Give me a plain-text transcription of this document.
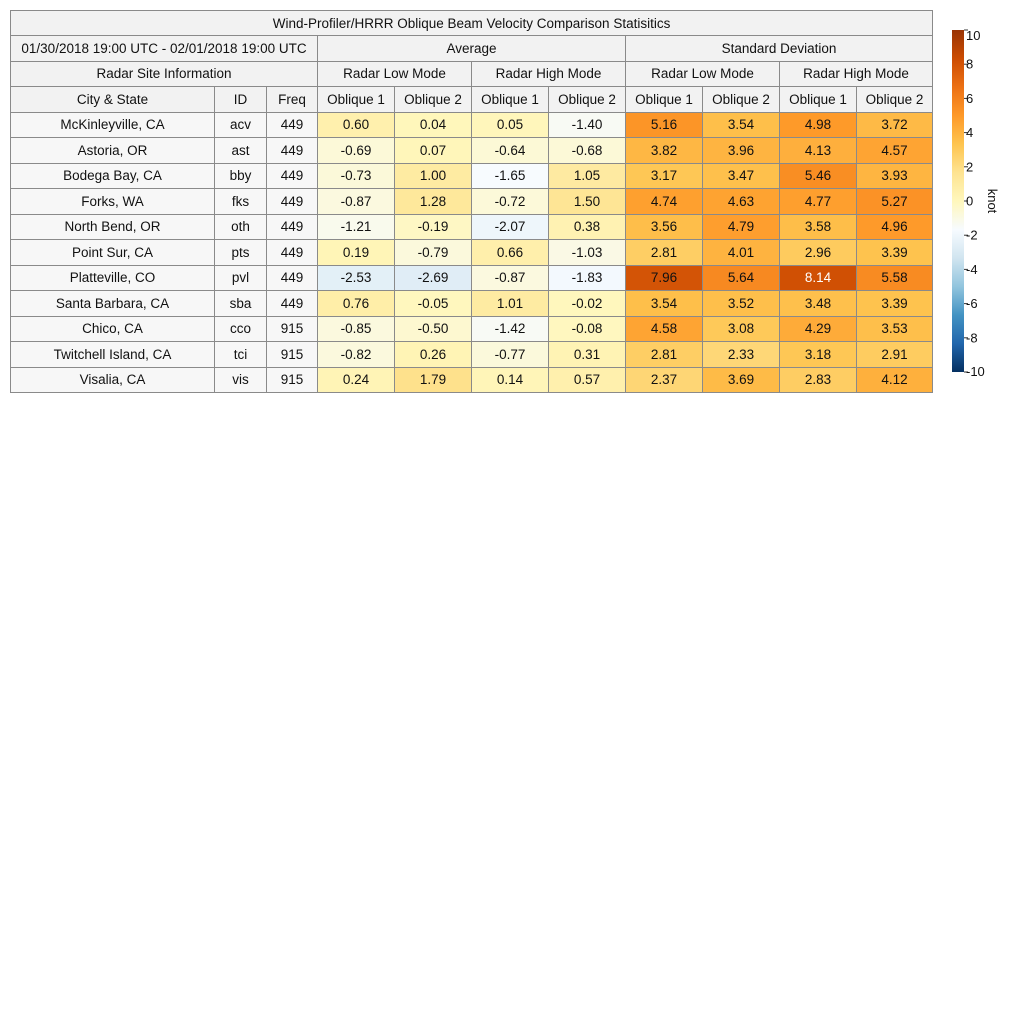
Wind-Profiler/HRRR Oblique Beam Velocity Comparison Statisitics										
01/30/2018 19:00 UTC - 02/01/2018 19:00 UTC			Average				Standard Deviation			
Radar Site Information			Radar Low Mode		Radar High Mode		Radar Low Mode		Radar High Mode	
City & State	ID	Freq	Oblique 1	Oblique 2	Oblique 1	Oblique 2	Oblique 1	Oblique 2	Oblique 1	Oblique 2
McKinleyville, CA	acv	449	0.60	0.04	0.05	-1.40	5.16	3.54	4.98	3.72
Astoria, OR	ast	449	-0.69	0.07	-0.64	-0.68	3.82	3.96	4.13	4.57
Bodega Bay, CA	bby	449	-0.73	1.00	-1.65	1.05	3.17	3.47	5.46	3.93
Forks, WA	fks	449	-0.87	1.28	-0.72	1.50	4.74	4.63	4.77	5.27
North Bend, OR	oth	449	-1.21	-0.19	-2.07	0.38	3.56	4.79	3.58	4.96
Point Sur, CA	pts	449	0.19	-0.79	0.66	-1.03	2.81	4.01	2.96	3.39
Platteville, CO	pvl	449	-2.53	-2.69	-0.87	-1.83	7.96	5.64	8.14	5.58
Santa Barbara, CA	sba	449	0.76	-0.05	1.01	-0.02	3.54	3.52	3.48	3.39
Chico, CA	cco	915	-0.85	-0.50	-1.42	-0.08	4.58	3.08	4.29	3.53
Twitchell Island, CA	tci	915	-0.82	0.26	-0.77	0.31	2.81	2.33	3.18	2.91
Visalia, CA	vis	915	0.24	1.79	0.14	0.57	2.37	3.69	2.83	4.12
10
8
6
4
2
0
-2
-4
-6
-8
-10
knot
